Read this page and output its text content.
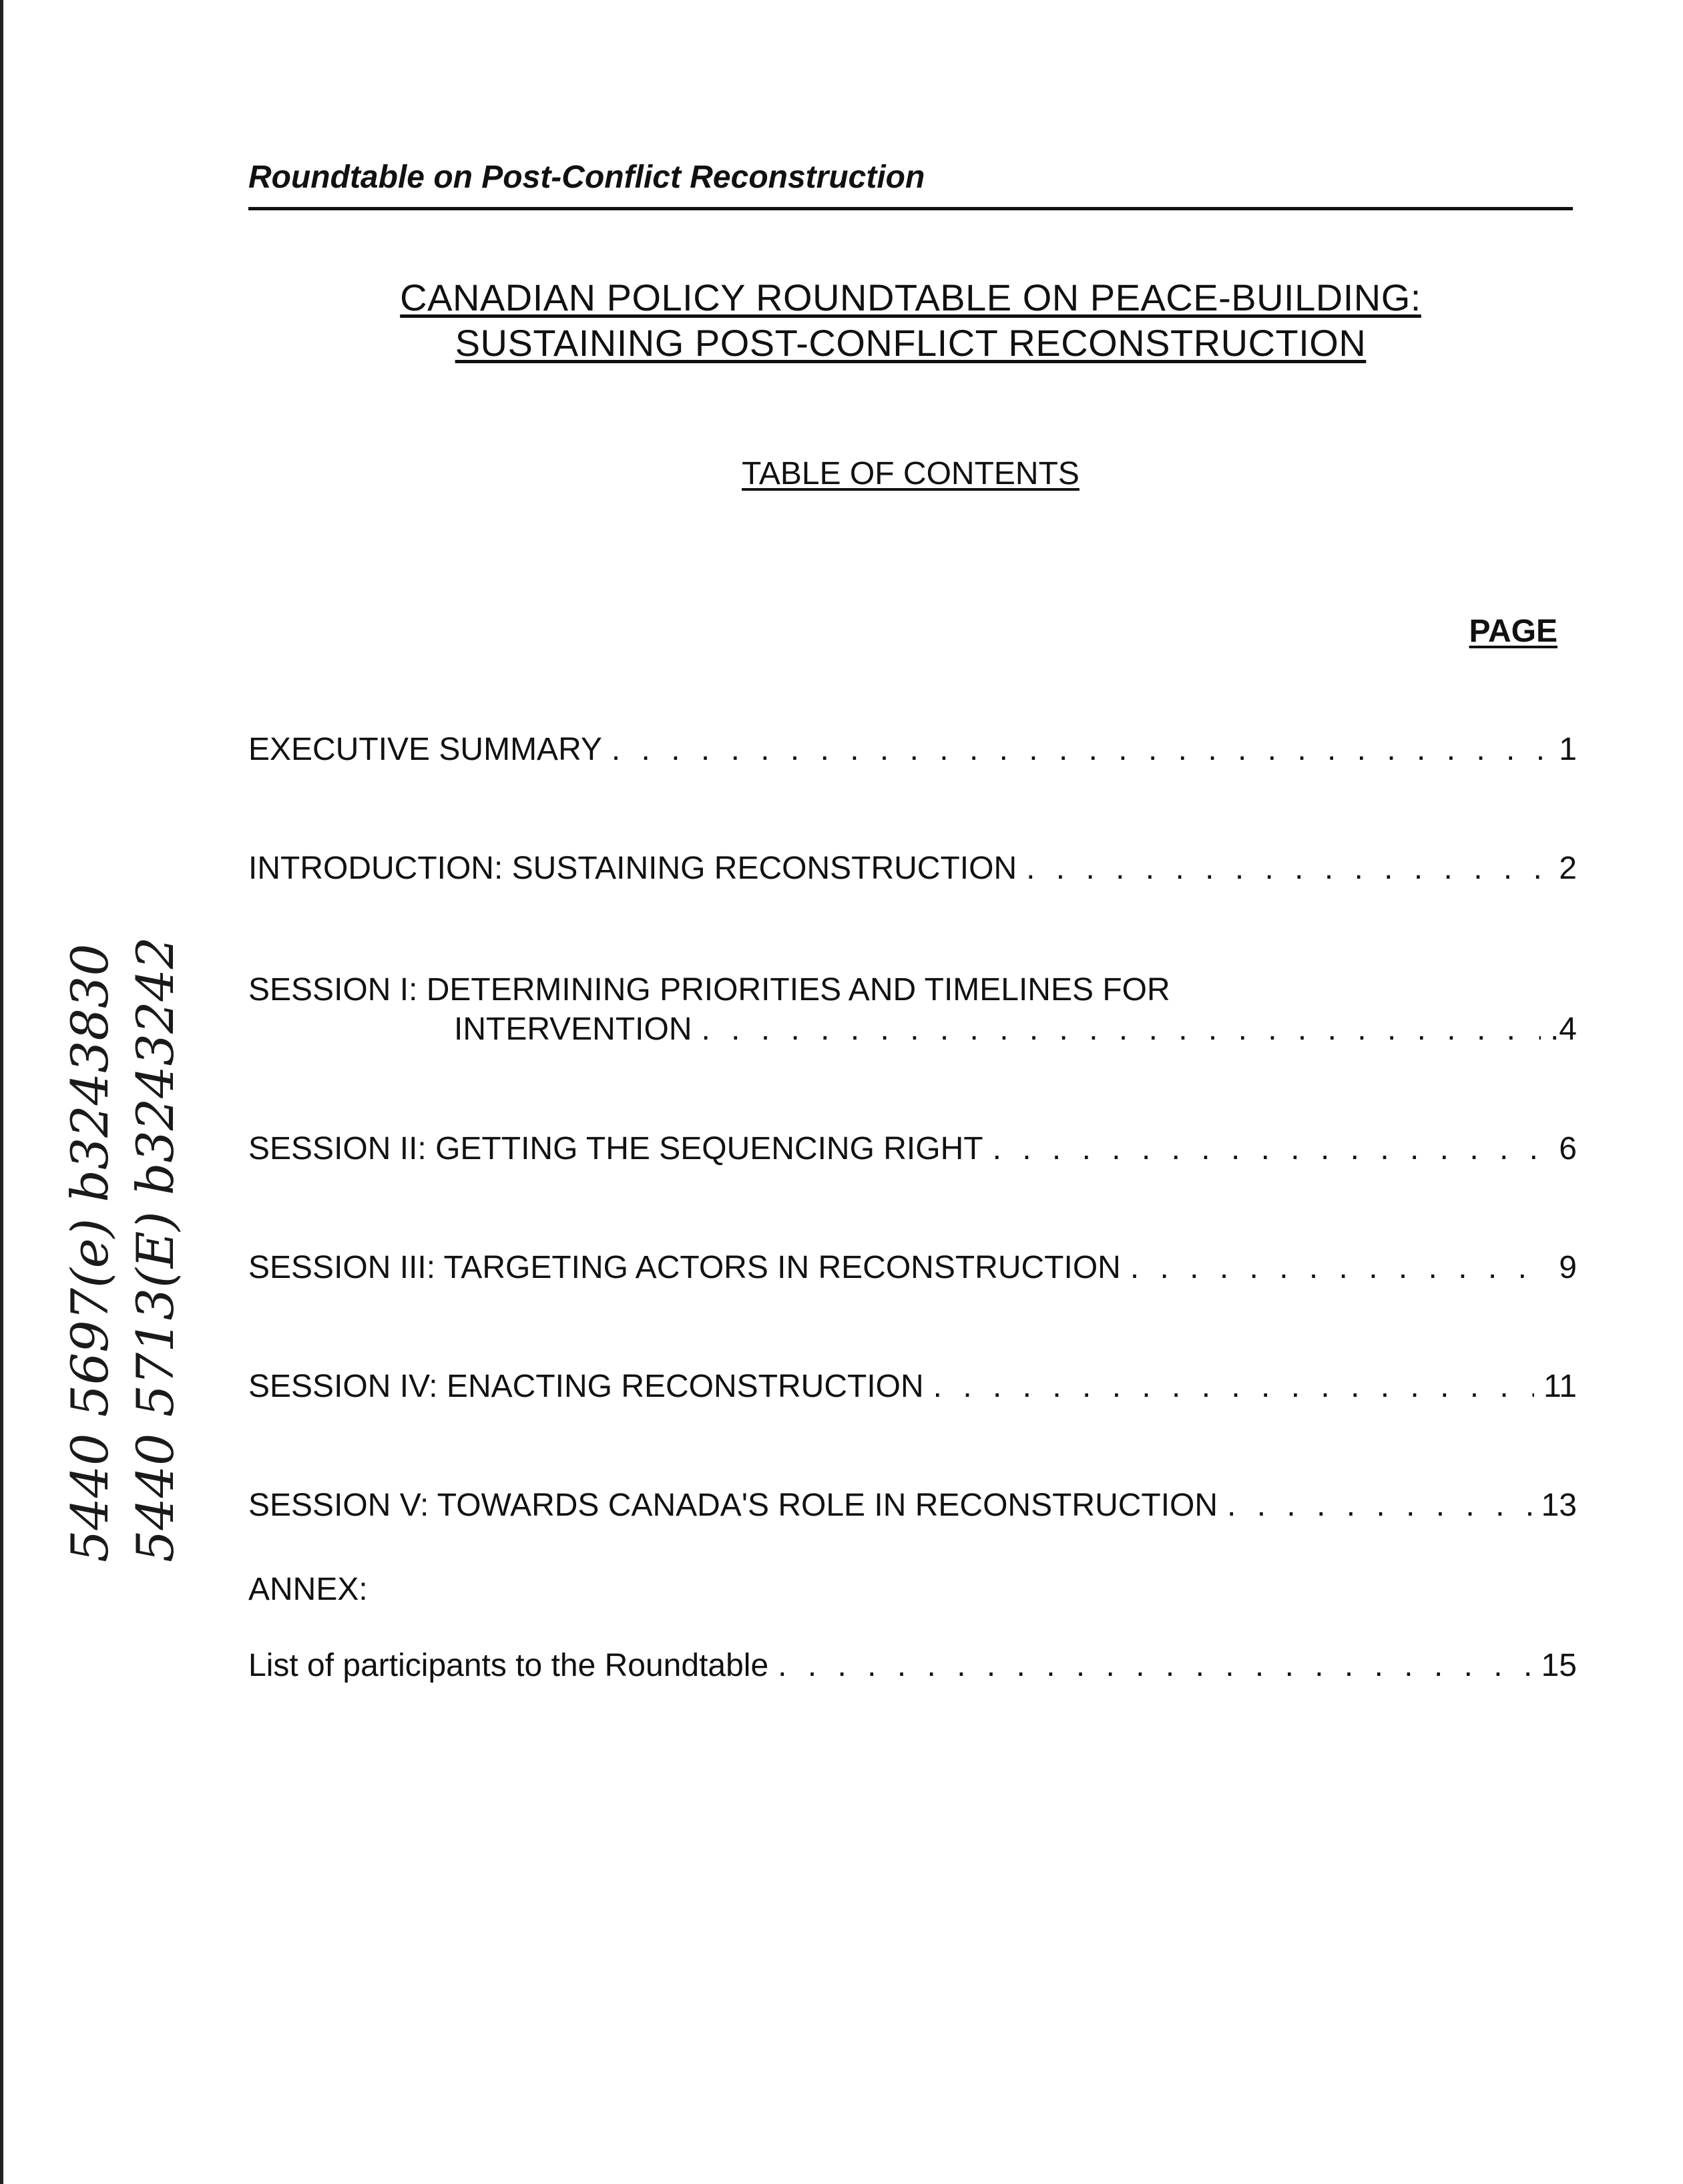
Roundtable on Post-Conflict Reconstruction
CANADIAN POLICY ROUNDTABLE ON PEACE-BUILDING:
SUSTAINING POST-CONFLICT RECONSTRUCTION
TABLE OF CONTENTS
PAGE
EXECUTIVE SUMMARY . . .	1
INTRODUCTION: SUSTAINING RECONSTRUCTION . . .	2
SESSION I: DETERMINING PRIORITIES AND TIMELINES FOR
INTERVENTION . . .	.4
SESSION II: GETTING THE SEQUENCING RIGHT . . .	6
SESSION III: TARGETING ACTORS IN RECONSTRUCTION . . .	9
SESSION IV: ENACTING RECONSTRUCTION . . .	11
SESSION V: TOWARDS CANADA'S ROLE IN RECONSTRUCTION . . .	13
ANNEX:
List of participants to the Roundtable . . .	15
5440 5697(e) b3243830 5440 5713(E) b3243242
